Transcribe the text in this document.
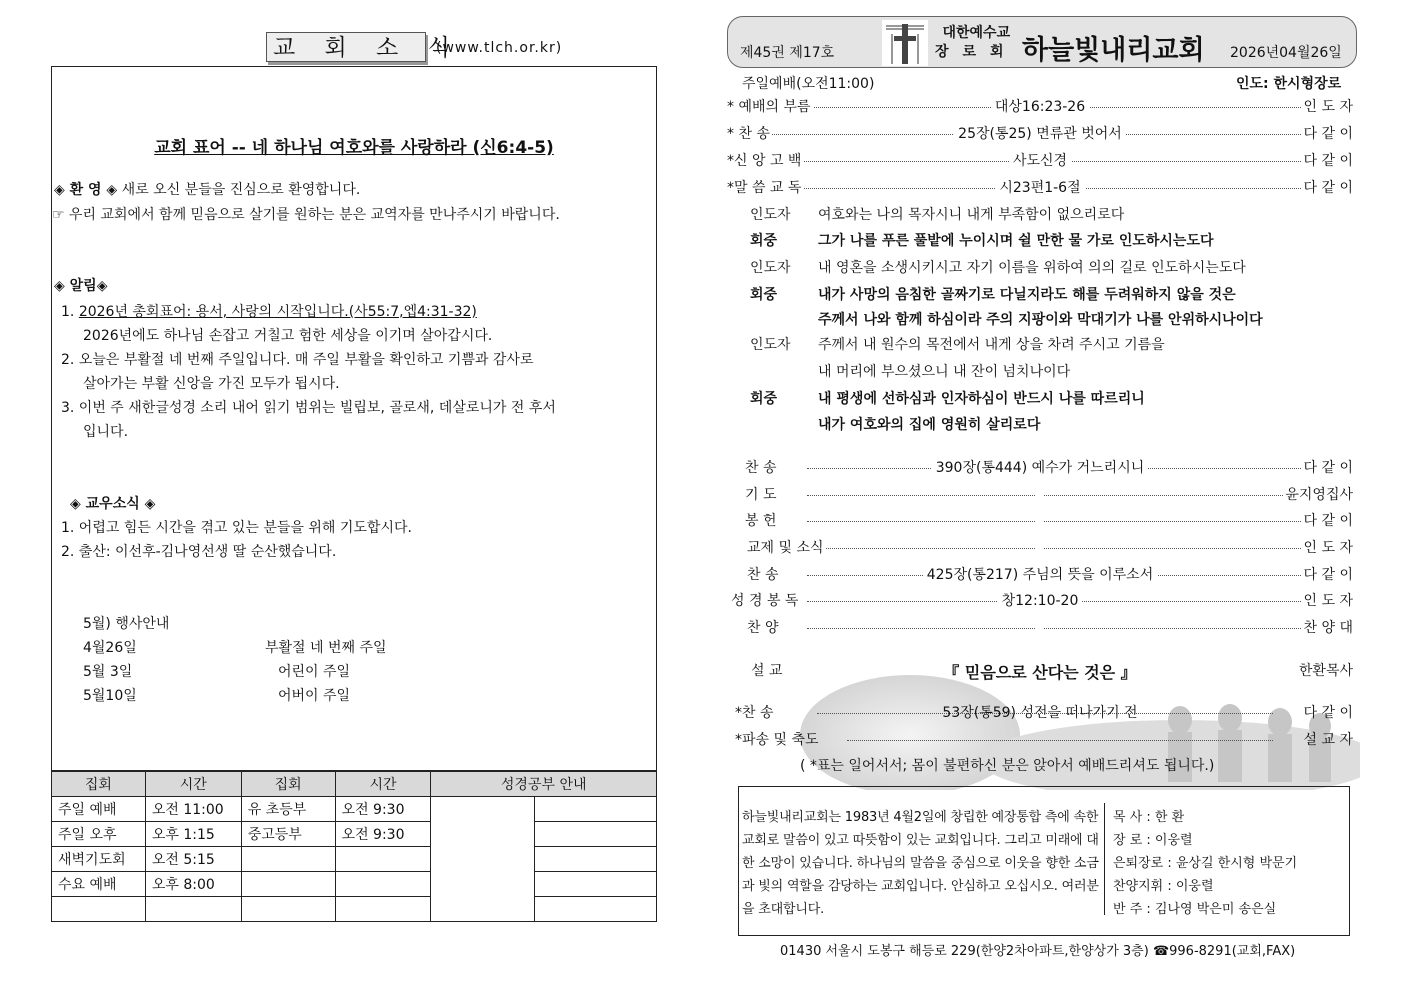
교 회 소 식
(www.tlch.or.kr)
교회 표어 -- 네 하나님 여호와를 사랑하라 (신6:4-5)
◈ 환 영 ◈ 새로 오신 분들을 진심으로 환영합니다.
☞ 우리 교회에서 함께 믿음으로 살기를 원하는 분은 교역자를 만나주시기 바랍니다.
◈ 알림◈
1. 2026년 총회표어: 용서, 사랑의 시작입니다.(사55:7,엡4:31-32)
2026년에도 하나님 손잡고 거칠고 험한 세상을 이기며 살아갑시다.
2. 오늘은 부활절 네 번째 주일입니다. 매 주일 부활을 확인하고 기쁨과 감사로
살아가는 부활 신앙을 가진 모두가 됩시다.
3. 이번 주 새한글성경 소리 내어 읽기 범위는 빌립보, 골로새, 데살로니가 전 후서
입니다.
◈ 교우소식 ◈
1. 어렵고 힘든 시간을 겪고 있는 분들을 위해 기도합시다.
2. 출산: 이선후-김나영선생 딸 순산했습니다.
5월) 행사안내
4월26일	부활절 네 번째 주일
5월 3일	어린이 주일
5월10일	어버이 주일
집회	시간	집회	시간	성경공부 안내	
주일 예배	오전 11:00	유 초등부	오전 9:30		
주일 오후	오후 1:15	중고등부	오전 9:30		
새벽기도회	오전 5:15				
수요 예배	오후 8:00				

제45권 제17호
대한예수교
장로회 하늘빛내리교회 2026년04월26일
주일예배(오전11:00)	인도: 한시형장로
* 예배의 부름	대상16:23-26	인 도 자
* 찬 송	25장(통25) 면류관 벗어서	다 같 이
*신 앙 고 백	사도신경	다 같 이
*말 씀 교 독	시23편1-6절	다 같 이
인도자 여호와는 나의 목자시니 내게 부족함이 없으리로다
회중	그가 나를 푸른 풀밭에 누이시며 쉴 만한 물 가로 인도하시는도다
인도자 내 영혼을 소생시키시고 자기 이름을 위하여 의의 길로 인도하시는도다
회중	내가 사망의 음침한 골짜기로 다닐지라도 해를 두려워하지 않을 것은
주께서 나와 함께 하심이라 주의 지팡이와 막대기가 나를 안위하시나이다
인도자 주께서 내 원수의 목전에서 내게 상을 차려 주시고 기름을
내 머리에 부으셨으니 내 잔이 넘치나이다
회중	내 평생에 선하심과 인자하심이 반드시 나를 따르리니
내가 여호와의 집에 영원히 살리로다
찬 송	390장(통444) 예수가 거느리시니	다 같 이
기 도	윤지영집사
봉 헌	다 같 이
교제 및 소식	인 도 자
찬 송	425장(통217) 주님의 뜻을 이루소서	다 같 이
성 경 봉 독	창12:10-20	인 도 자
찬 양	찬 양 대
설 교	『 믿음으로 산다는 것은 』	한환목사
*찬 송	53장(통59) 성전을 떠나가기 전	다 같 이
*파송 및 축도	설 교 자
( *표는 일어서서; 몸이 불편하신 분은 앉아서 예배드리셔도 됩니다.)
하늘빛내리교회는 1983년 4월2일에 창립한 예장통합 측에 속한 교회로 말씀이 있고 따뜻함이 있는 교회입니다. 그리고 미래에 대한 소망이 있습니다. 하나님의 말씀을 중심으로 이웃을 향한 소금과 빛의 역할을 감당하는 교회입니다. 안심하고 오십시오. 여러분을 초대합니다.
목 사 : 한 환
장 로 : 이웅렬
은퇴장로 : 윤상길 한시형 박문기
찬양지휘 : 이웅렬
반 주 : 김나영 박은미 송은실
01430 서울시 도봉구 해등로 229(한양2차아파트,한양상가 3층) ☎996-8291(교회,FAX)
